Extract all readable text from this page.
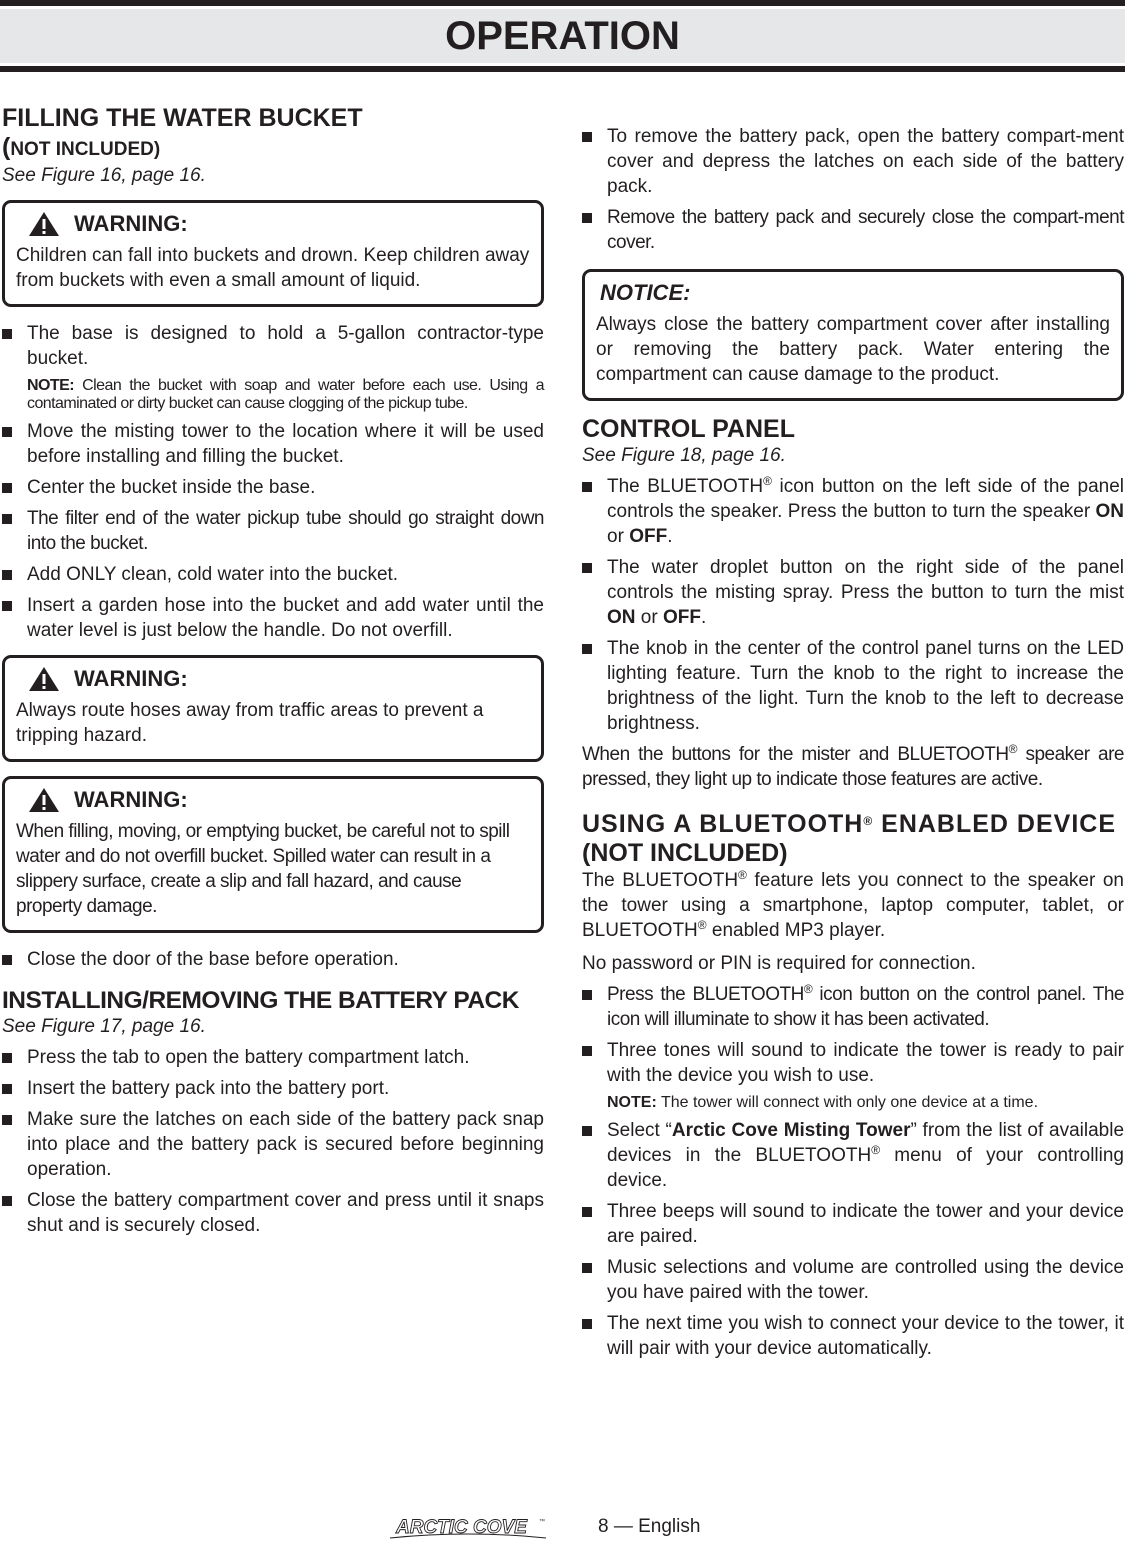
OPERATION
FILLING THE WATER BUCKET
(NOT INCLUDED)
See Figure 16, page 16.
WARNING:

Children can fall into buckets and drown. Keep children away from buckets with even a small amount of liquid.

The base is designed to hold a 5-gallon contractor-type bucket.
NOTE: Clean the bucket with soap and water before each use. Using a contaminated or dirty bucket can cause clogging of the pickup tube.
Move the misting tower to the location where it will be used before installing and filling the bucket.
Center the bucket inside the base.
The filter end of the water pickup tube should go straight down into the bucket.
Add ONLY clean, cold water into the bucket.
Insert a garden hose into the bucket and add water until the water level is just below the handle. Do not overfill.
WARNING:

Always route hoses away from traffic areas to prevent a tripping hazard.

WARNING:

When filling, moving, or emptying bucket, be careful not to spill water and do not overfill bucket. Spilled water can result in a slippery surface, create a slip and fall hazard, and cause property damage.

Close the door of the base before operation.
INSTALLING/REMOVING THE BATTERY PACK
See Figure 17, page 16.
Press the tab to open the battery compartment latch.
Insert the battery pack into the battery port.
Make sure the latches on each side of the battery pack snap into place and the battery pack is secured before beginning operation.
Close the battery compartment cover and press until it snaps shut and is securely closed.
To remove the battery pack, open the battery compart-ment cover and depress the latches on each side of the battery pack.
Remove the battery pack and securely close the compart-ment cover.
NOTICE:

Always close the battery compartment cover after installing or removing the battery pack. Water entering the compartment can cause damage to the product.

CONTROL PANEL
See Figure 18, page 16.
The BLUETOOTH® icon button on the left side of the panel controls the speaker. Press the button to turn the speaker ON or OFF.
The water droplet button on the right side of the panel controls the misting spray. Press the button to turn the mist ON or OFF.
The knob in the center of the control panel turns on the LED lighting feature. Turn the knob to the right to increase the brightness of the light. Turn the knob to the left to decrease brightness.

When the buttons for the mister and BLUETOOTH® speaker are pressed, they light up to indicate those features are active.

USING A BLUETOOTH® ENABLED DEVICE
(NOT INCLUDED)

The BLUETOOTH® feature lets you connect to the speaker on the tower using a smartphone, laptop computer, tablet, or BLUETOOTH® enabled MP3 player.

No password or PIN is required for connection.

Press the BLUETOOTH® icon button on the control panel. The icon will illuminate to show it has been activated.
Three tones will sound to indicate the tower is ready to pair with the device you wish to use.
NOTE: The tower will connect with only one device at a time.
Select “Arctic Cove Misting Tower” from the list of available devices in the BLUETOOTH® menu of your controlling device.
Three beeps will sound to indicate the tower and your device are paired.
Music selections and volume are controlled using the device you have paired with the tower.
The next time you wish to connect your device to the tower, it will pair with your device automatically.
ARCTIC COVE ™	8 — English
